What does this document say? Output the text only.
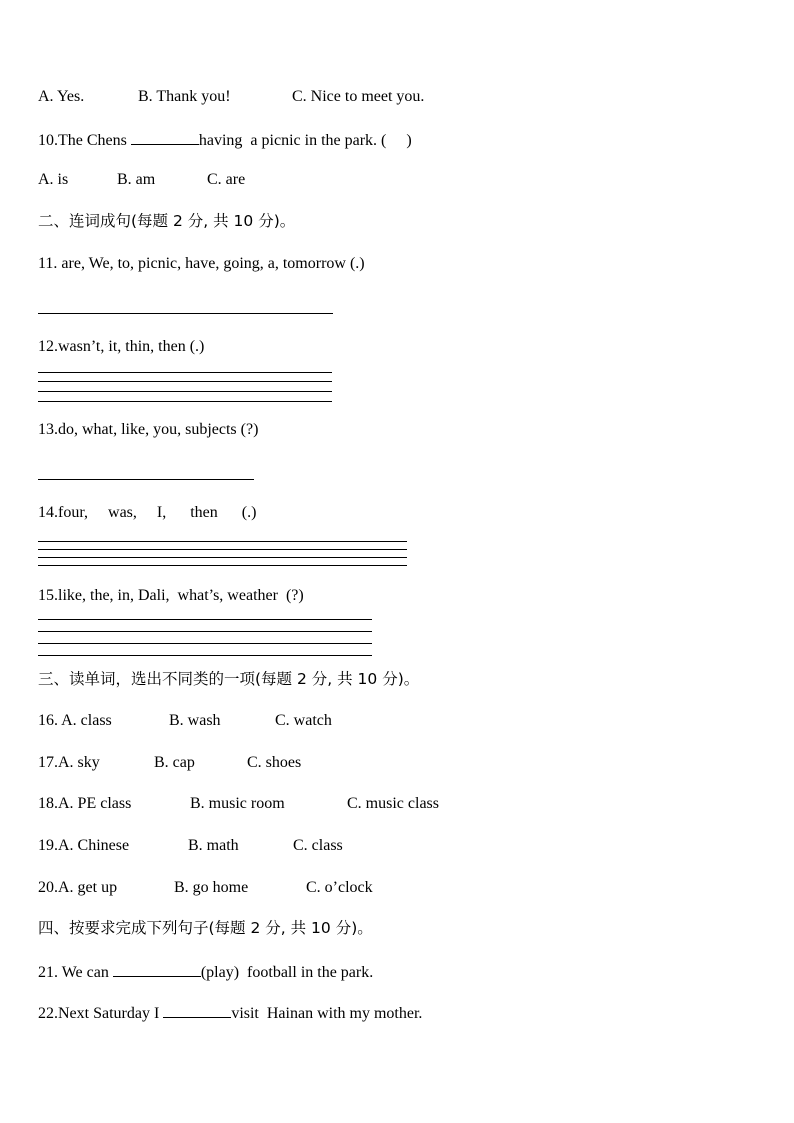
A. Yes.

	B. Thank you!

	C. Nice to meet you.

10.The Chens	having  a picnic in the park. (     )

A. is

	B. am

	C. are

二、连词成句(每题 2 分, 共 10 分)。
11. are, We, to, picnic, have, going, a, tomorrow (.)
12.wasn’t, it, thin, then (.)
13.do, what, like, you, subjects (?)
14.four,     was,     I,      then      (.)
15.like, the, in, Dali,  what’s, weather  (?)
三、读单词，选出不同类的一项(每题 2 分, 共 10 分)。

16. A. class

	B. wash

	C. watch

17.A. sky

	B. cap

	C. shoes

18.A. PE class

	B. music room

	C. music class

19.A. Chinese

	B. math

	C. class

20.A. get up

	B. go home

	C. o’clock

四、按要求完成下列句子(每题 2 分, 共 10 分)。
21. We can	(play)  football in the park.
22.Next Saturday I	visit  Hainan with my mother.
